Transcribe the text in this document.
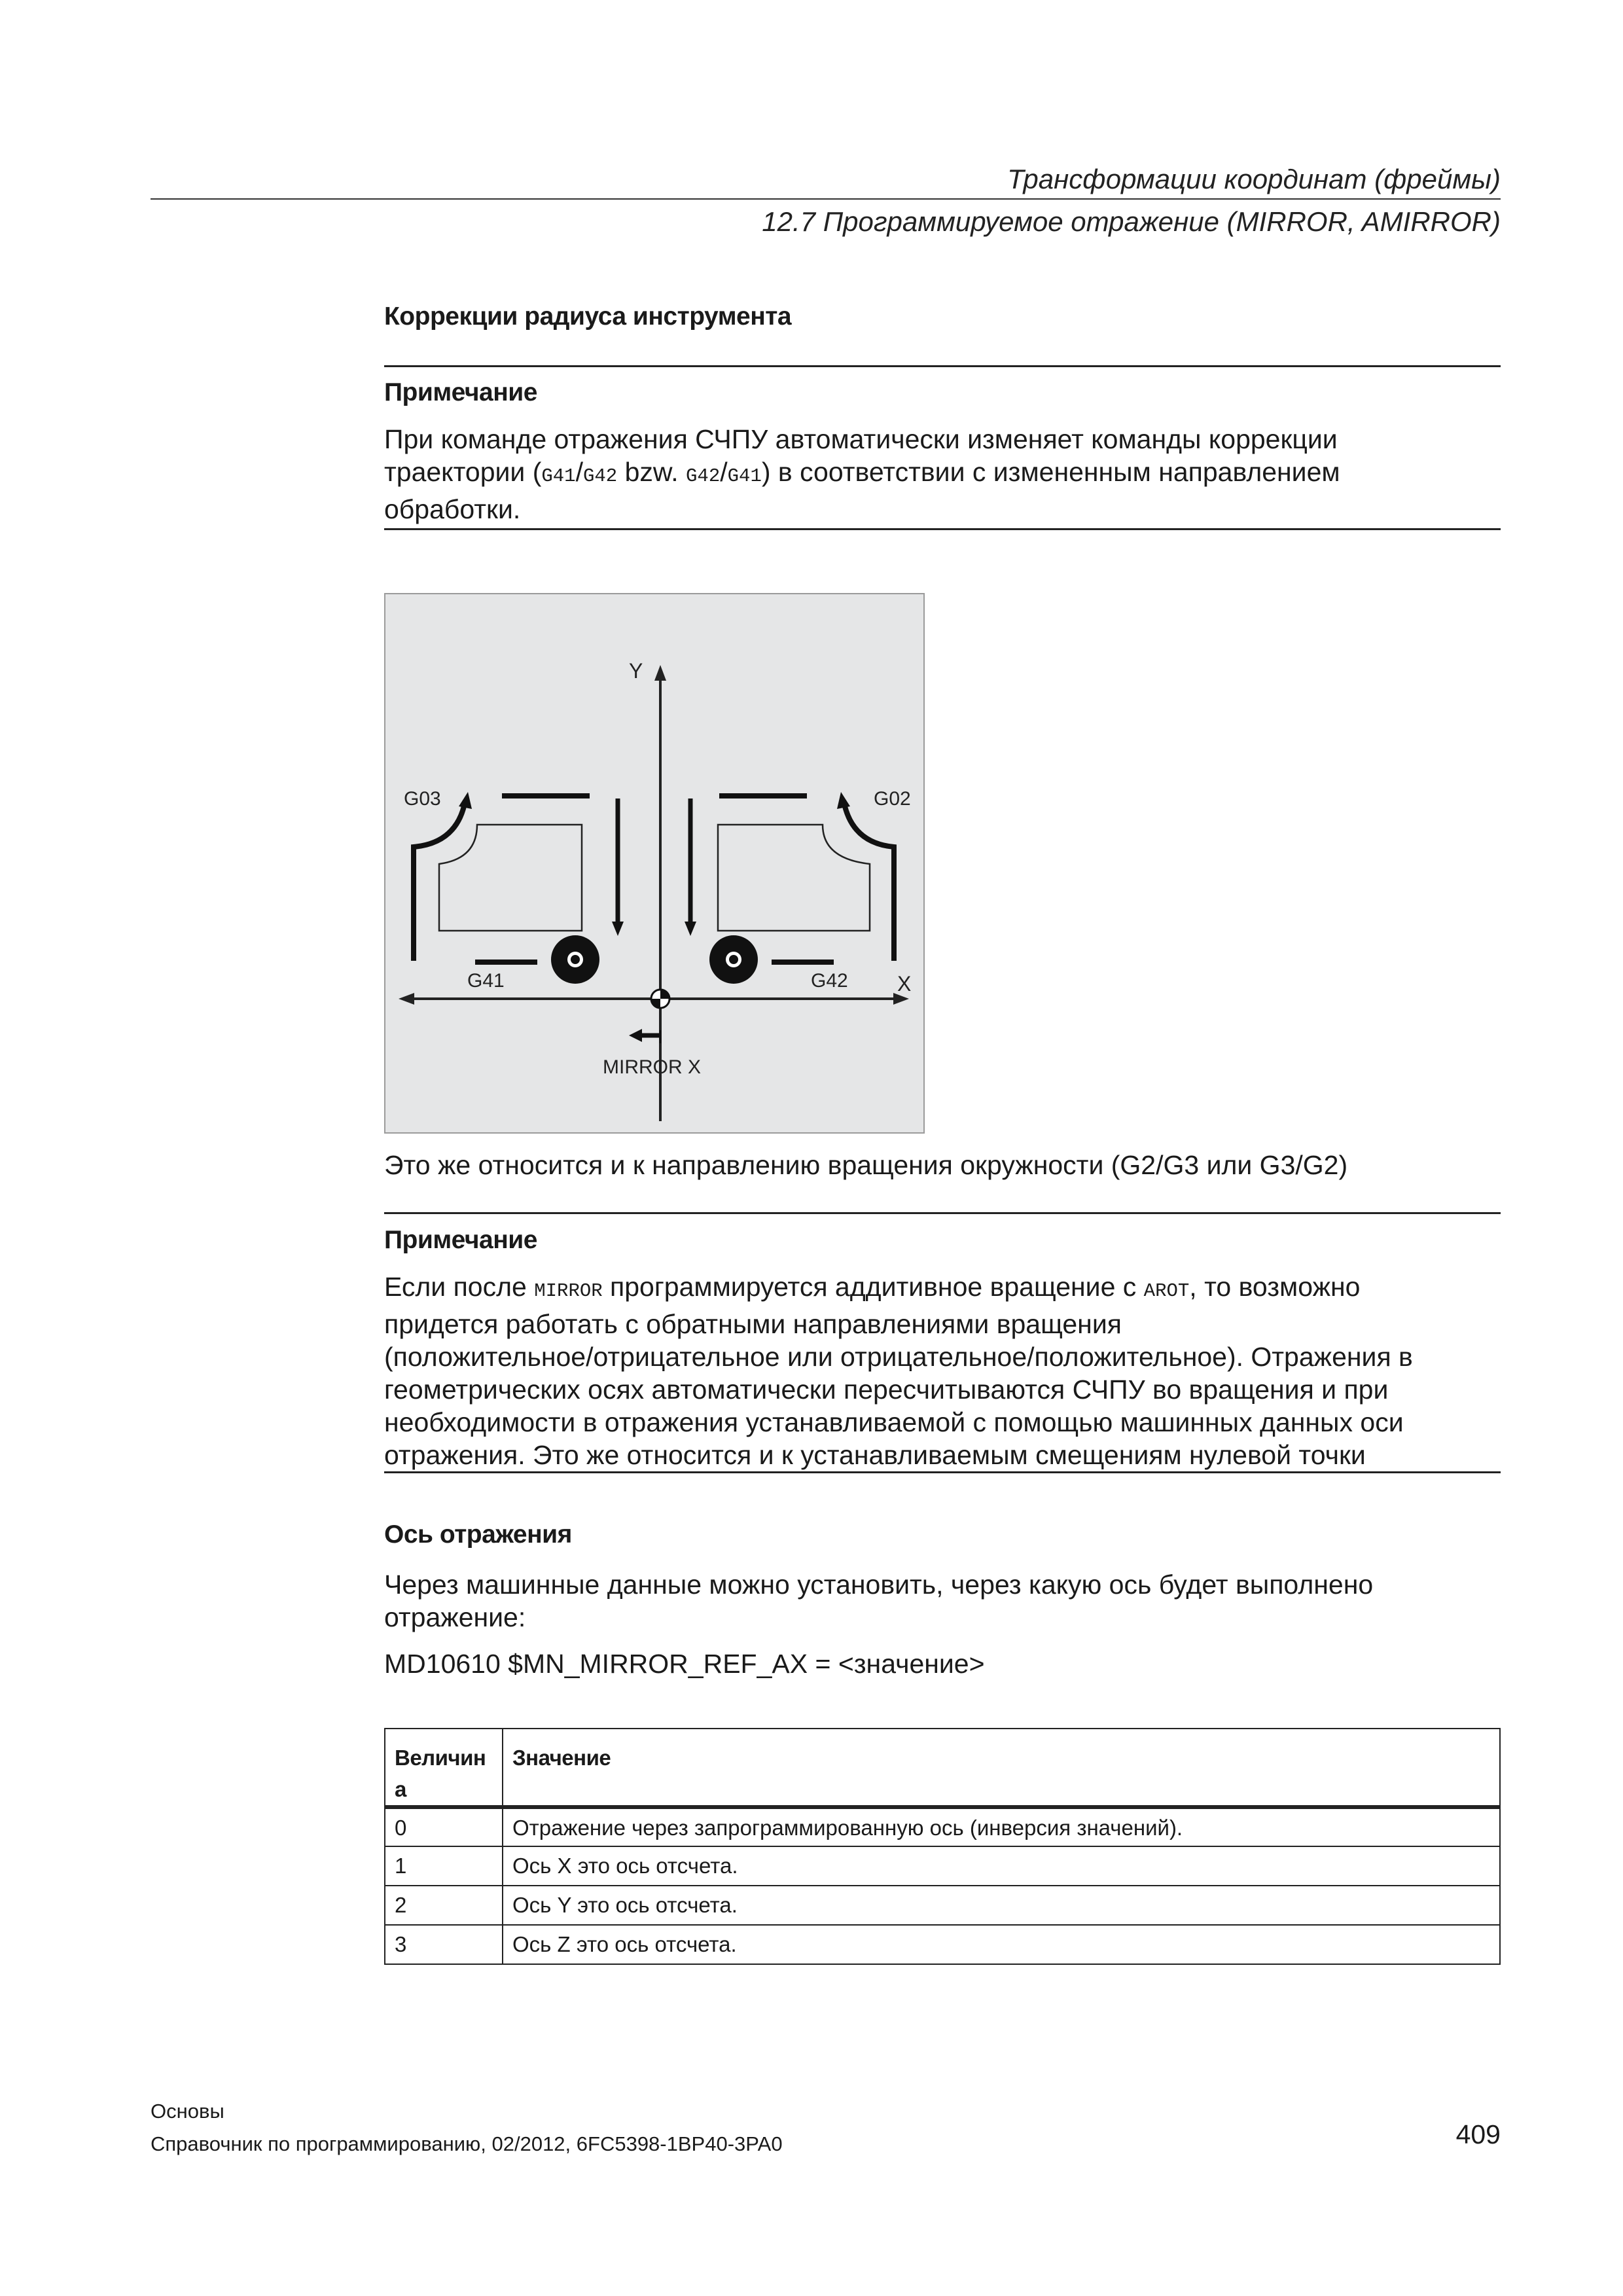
Трансформации координат (фреймы)
12.7 Программируемое отражение (MIRROR, AMIRROR)
Коррекции радиуса инструмента
Примечание
При команде отражения СЧПУ автоматически изменяет команды коррекции
траектории (G41/G42 bzw. G42/G41) в соответствии с измененным направлением
обработки.
Y
X
G03	G02
G41	G42
MIRROR X
Это же относится и к направлению вращения окружности (G2/G3 или G3/G2)
Примечание
Если после MIRROR программируется аддитивное вращение с AROT, то возможно
придется работать с обратными направлениями вращения
(положительное/отрицательное или отрицательное/положительное). Отражения в
геометрических осях автоматически пересчитываются СЧПУ во вращения и при
необходимости в отражения устанавливаемой с помощью машинных данных оси
отражения. Это же относится и к устанавливаемым смещениям нулевой точки
Ось отражения
Через машинные данные можно установить, через какую ось будет выполнено
отражение:
MD10610 $MN_MIRROR_REF_AX = <значение>
Величин
а	Значение
0	Отражение через запрограммированную ось (инверсия значений).
1	Ось X это ось отсчета.
2	Ось Y это ось отсчета.
3	Ось Z это ось отсчета.
Основы
Справочник по программированию, 02/2012, 6FC5398-1BP40-3PA0	409
